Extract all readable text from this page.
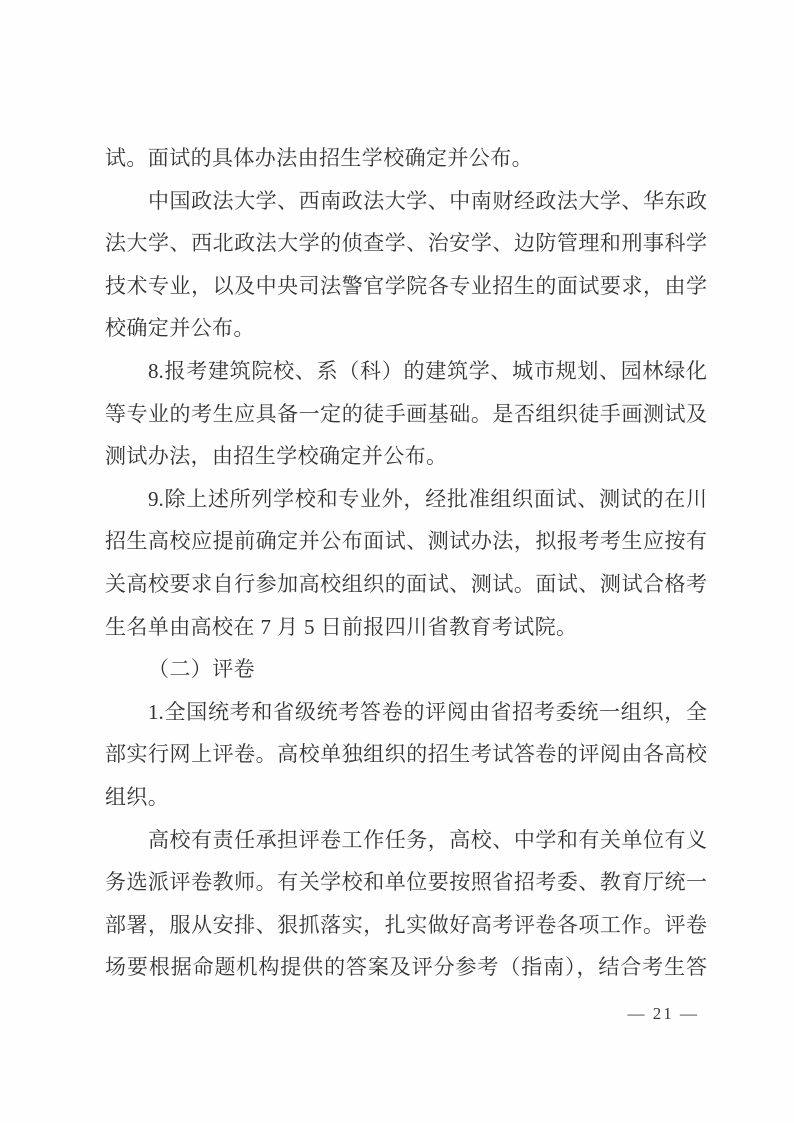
试。面试的具体办法由招生学校确定并公布。
中国政法大学、西南政法大学、中南财经政法大学、华东政
法大学、西北政法大学的侦查学、治安学、边防管理和刑事科学
技术专业，以及中央司法警官学院各专业招生的面试要求，由学
校确定并公布。
8.报考建筑院校、系（科）的建筑学、城市规划、园林绿化
等专业的考生应具备一定的徒手画基础。是否组织徒手画测试及
测试办法，由招生学校确定并公布。
9.除上述所列学校和专业外，经批准组织面试、测试的在川
招生高校应提前确定并公布面试、测试办法，拟报考考生应按有
关高校要求自行参加高校组织的面试、测试。面试、测试合格考
生名单由高校在 7 月 5 日前报四川省教育考试院。
（二）评卷
1.全国统考和省级统考答卷的评阅由省招考委统一组织，全
部实行网上评卷。高校单独组织的招生考试答卷的评阅由各高校
组织。
高校有责任承担评卷工作任务，高校、中学和有关单位有义
务选派评卷教师。有关学校和单位要按照省招考委、教育厅统一
部署，服从安排、狠抓落实，扎实做好高考评卷各项工作。评卷
场要根据命题机构提供的答案及评分参考（指南），结合考生答
— 21 —
